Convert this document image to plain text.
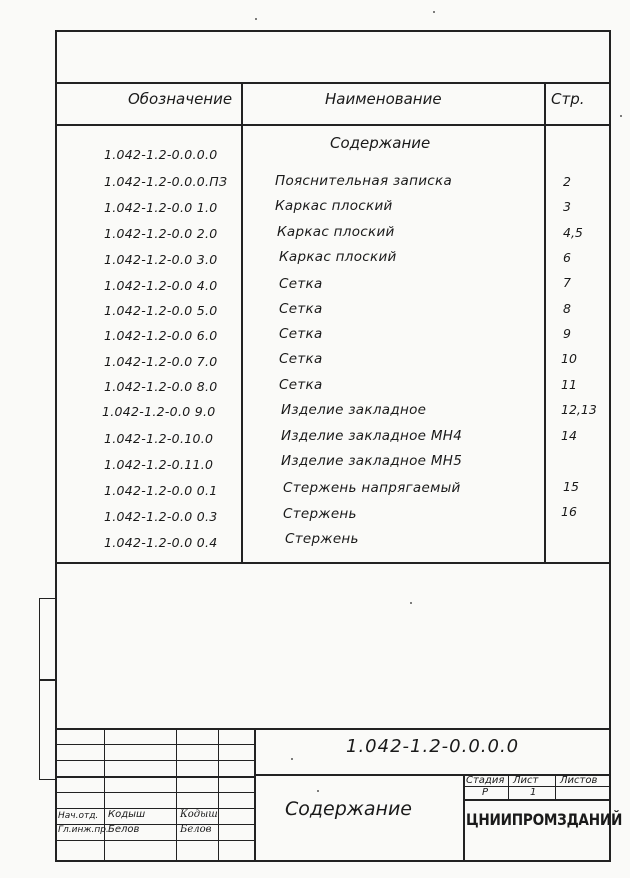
Обозначение	Наименование	Стр.
1.042-1.2-0.0.0.0
Содержание
1.042-1.2-0.0.0.ПЗ	Пояснительная записка	2
1.042-1.2-0.0 1.0	Каркас плоский	3
1.042-1.2-0.0 2.0	Каркас плоский	4,5
1.042-1.2-0.0 3.0	Каркас плоский	6
1.042-1.2-0.0 4.0	Сетка	7
1.042-1.2-0.0 5.0	Сетка	8
1.042-1.2-0.0 6.0	Сетка	9
1.042-1.2-0.0 7.0	Сетка	10
1.042-1.2-0.0 8.0	Сетка	11
1.042-1.2-0.0 9.0	Изделие закладное	12,13
1.042-1.2-0.10.0	Изделие закладное МН4	14
1.042-1.2-0.11.0	Изделие закладное МН5
1.042-1.2-0.0 0.1	Стержень напрягаемый	15
1.042-1.2-0.0 0.3	Стержень	16
1.042-1.2-0.0 0.4	Стержень
1.042-1.2-0.0.0.0
Содержание
Стадия Лист Листов
Р	1
ЦНИИПРОМЗДАНИЙ
Нач.отд. Кодыш	Кодыш
Гл.инж.пр. Белов	Белов
